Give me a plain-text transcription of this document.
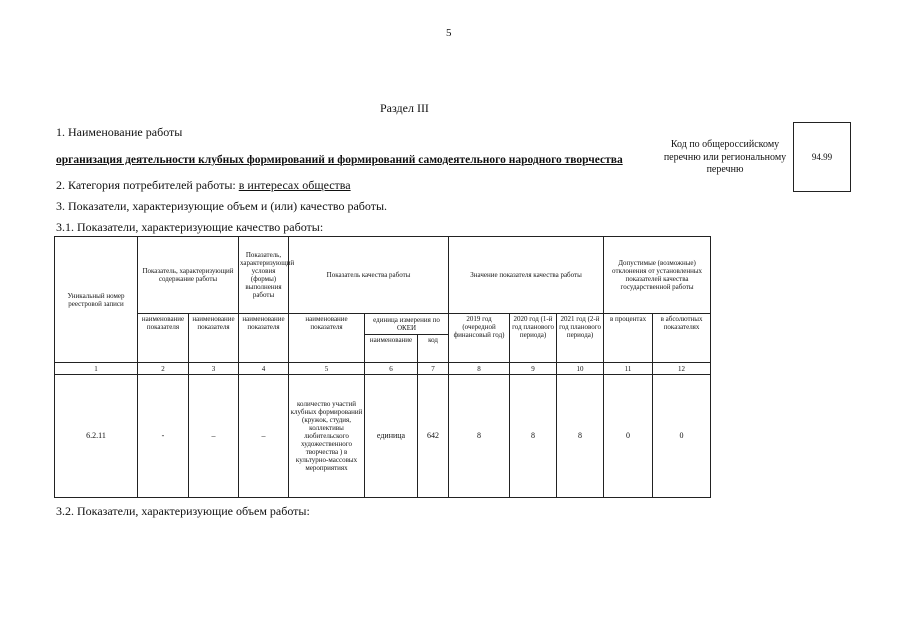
5
Раздел III
1. Наименование работы
организация деятельности клубных формирований и формирований самодеятельного народного творчества
Код по общероссийскому перечню или региональному перечню
94.99
2. Категория потребителей работы: в интересах общества
3. Показатели, характеризующие объем и (или) качество работы.
3.1. Показатели, характеризующие качество работы:
Уникальный номер реестровой записи	Показатель, характеризующий содержание работы		Показатель, характеризующий условия (формы) выполнения работы	Показатель качества работы			Значение показателя качества работы			Допустимые (возможные) отклонения от установленных показателей качества государственной работы	
	наименование показателя	наименование показателя	наименование показателя	наименование показателя	единица измерения по ОКЕИ		2019 год (очередной финансовый год)	2020 год (1-й год планового периода)	2021 год (2-й год планового периода)	в процентах	в абсолютных показателях
					наименование	код					
1	2	3	4	5	6	7	8	9	10	11	12
6.2.11	-	–	–	количество участий клубных формирований (кружок, студия, коллективы любительского художественного творчества ) в культурно-массовых мероприятиях	единица	642	8	8	8	0	0
3.2. Показатели, характеризующие объем работы:
